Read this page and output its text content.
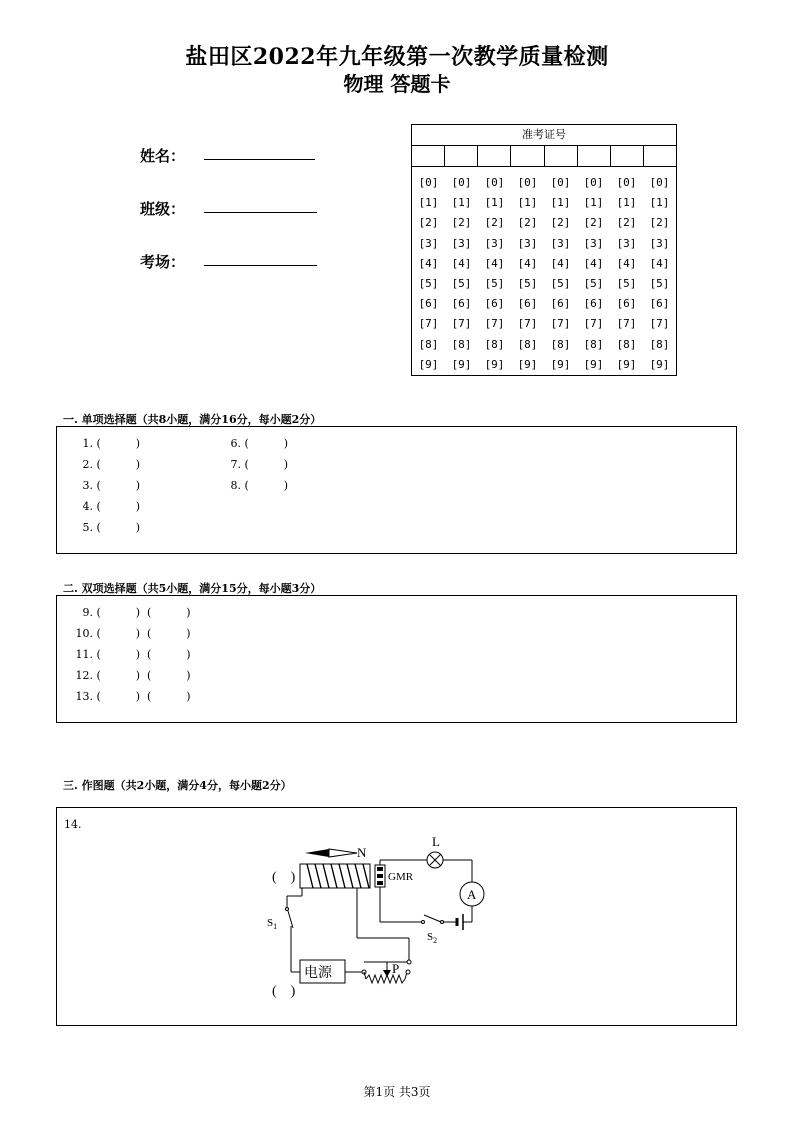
盐田区2022年九年级第一次教学质量检测
物理 答题卡
姓名：
班级：
考场：
准考证号
[0]	[0]	[0]	[0]	[0]	[0]	[0]	[0]
[1]	[1]	[1]	[1]	[1]	[1]	[1]	[1]
[2]	[2]	[2]	[2]	[2]	[2]	[2]	[2]
[3]	[3]	[3]	[3]	[3]	[3]	[3]	[3]
[4]	[4]	[4]	[4]	[4]	[4]	[4]	[4]
[5]	[5]	[5]	[5]	[5]	[5]	[5]	[5]
[6]	[6]	[6]	[6]	[6]	[6]	[6]	[6]
[7]	[7]	[7]	[7]	[7]	[7]	[7]	[7]
[8]	[8]	[8]	[8]	[8]	[8]	[8]	[8]
[9]	[9]	[9]	[9]	[9]	[9]	[9]	[9]
一. 单项选择题（共8小题，满分16分，每小题2分）
1. (          )
2. (          )
3. (          )
4. (          )
5. (          )
6. (          )
7. (          )
8. (          )
二. 双项选择题（共5小题，满分15分，每小题3分）
9. (          )  (          )
10. (          )  (          )
11. (          )  (          )
12. (          )  (          )
13. (          )  (          )
三. 作图题（共2小题，满分4分，每小题2分）
14.
N
(    )	GMR
L
A
$S_2$
$S_1$
电源
(    )
P
第1页 共3页
